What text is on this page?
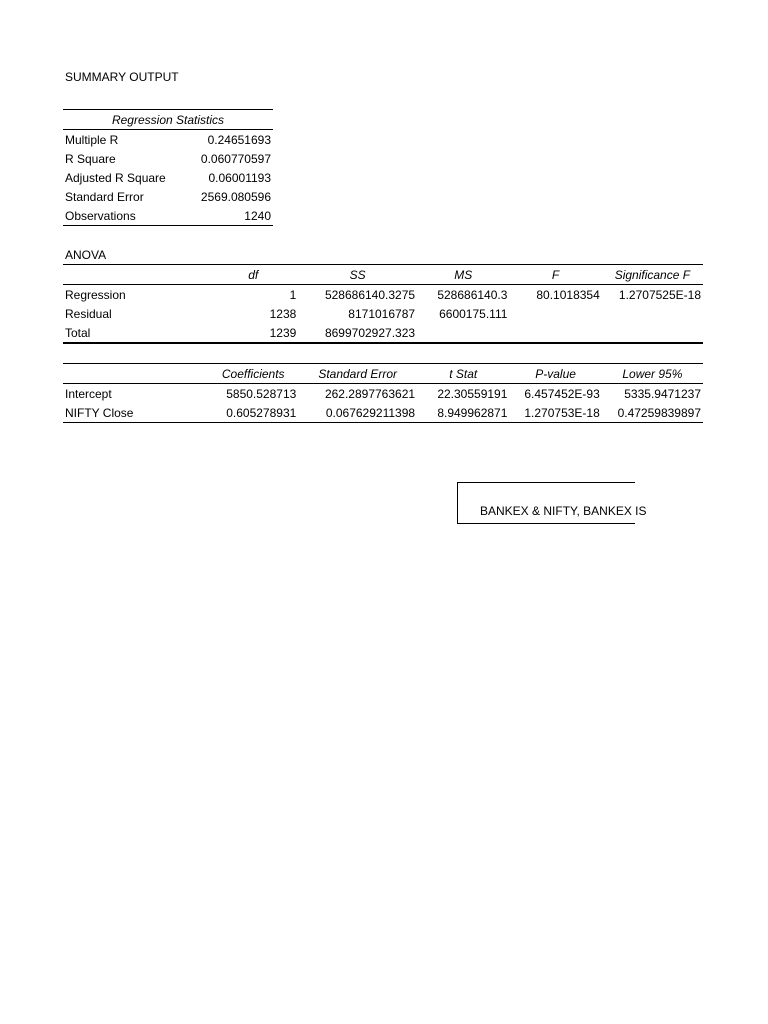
SUMMARY OUTPUT
Regression Statistics	
Multiple R	0.24651693
R Square	0.060770597
Adjusted R Square	0.06001193
Standard Error	2569.080596
Observations	1240
ANOVA
	df	SS	MS	F	Significance F
Regression	1	528686140.3275	528686140.3	80.1018354	1.2707525E-18
Residual	1238	8171016787	6600175.111		
Total	1239	8699702927.323			
	Coefficients	Standard Error	t Stat	P-value	Lower 95%
Intercept	5850.528713	262.2897763621	22.30559191	6.457452E-93	5335.9471237
NIFTY Close	0.605278931	0.067629211398	8.949962871	1.270753E-18	0.47259839897
BANKEX & NIFTY, BANKEX IS
